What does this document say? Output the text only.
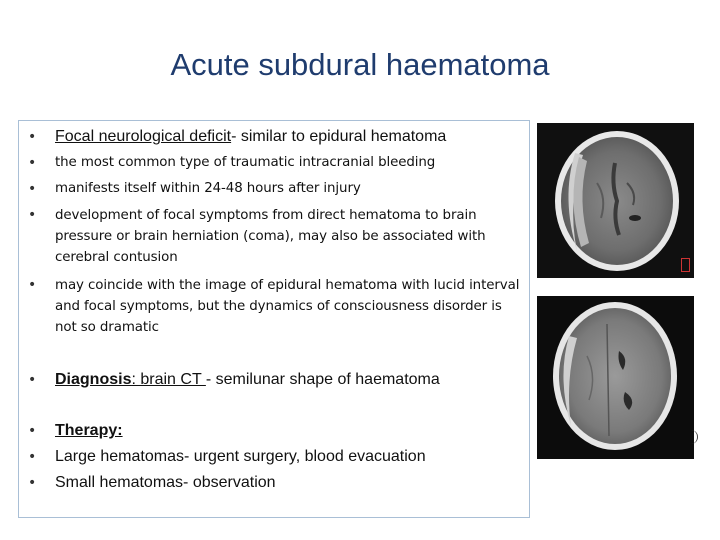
Acute subdural haematoma
• Focal neurological deficit- similar to epidural hematoma
• the most common type of traumatic intracranial bleeding
• manifests itself within 24-48 hours after injury
• development of focal symptoms from direct hematoma to brain pressure or brain herniation (coma), may also be associated with cerebral contusion
• may coincide with the image of epidural hematoma with lucid interval and focal symptoms, but the dynamics of consciousness disorder is not so dramatic
• Diagnosis: brain CT - semilunar shape of haematoma
• Therapy:
• Large hematomas- urgent surgery, blood evacuation
• Small hematomas- observation
